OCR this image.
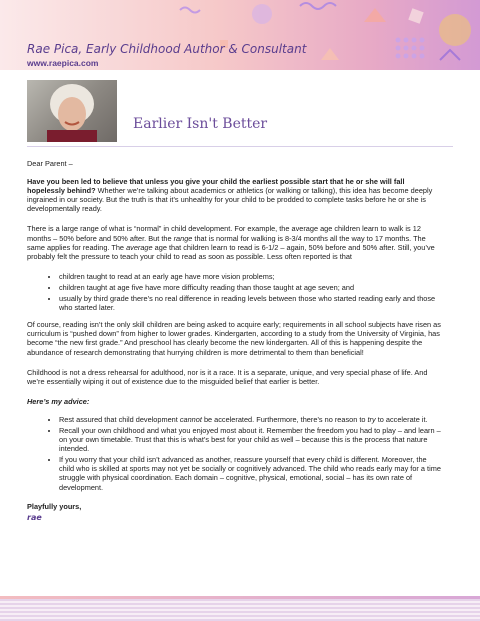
Rae Pica, Early Childhood Author & Consultant
www.raepica.com
Earlier Isn't Better

Dear Parent –

Have you been led to believe that unless you give your child the earliest possible start that he or she will fall hopelessly behind? Whether we’re talking about academics or athletics (or walking or talking), this idea has become deeply ingrained in our society. But the truth is that it’s unhealthy for your child to be prodded to complete tasks before he or she is developmentally ready.

There is a large range of what is “normal” in child development. For example, the average age children learn to walk is 12 months – 50% before and 50% after. But the range that is normal for walking is 8-3/4 months all the way to 17 months. The same applies for reading. The average age that children learn to read is 6-1/2 – again, 50% before and 50% after. Still, you’ve probably felt the pressure to teach your child to read as soon as possible. Less often reported is that

• children taught to read at an early age have more vision problems;
• children taught at age five have more difficulty reading than those taught at age seven; and
• usually by third grade there’s no real difference in reading levels between those who started reading early and those who started later.

Of course, reading isn’t the only skill children are being asked to acquire early; requirements in all school subjects have risen as curriculum is “pushed down” from higher to lower grades. Kindergarten, according to a study from the University of Virginia, has become “the new first grade.” And preschool has clearly become the new kindergarten. All of this is happening despite the abundance of research demonstrating that hurrying children is more detrimental to them than beneficial!

Childhood is not a dress rehearsal for adulthood, nor is it a race. It is a separate, unique, and very special phase of life. And we’re essentially wiping it out of existence due to the misguided belief that earlier is better.

Here’s my advice:

• Rest assured that child development cannot be accelerated. Furthermore, there’s no reason to try to accelerate it.
• Recall your own childhood and what you enjoyed most about it. Remember the freedom you had to play – and learn – on your own timetable. Trust that this is what’s best for your child as well – because this is the process that nature intended.
• If you worry that your child isn’t advanced as another, reassure yourself that every child is different. Moreover, the child who is skilled at sports may not yet be socially or cognitively advanced. The child who reads early may for a time struggle with physical coordination. Each domain – cognitive, physical, emotional, social – has its own rate of development.
Playfully yours,
rae
